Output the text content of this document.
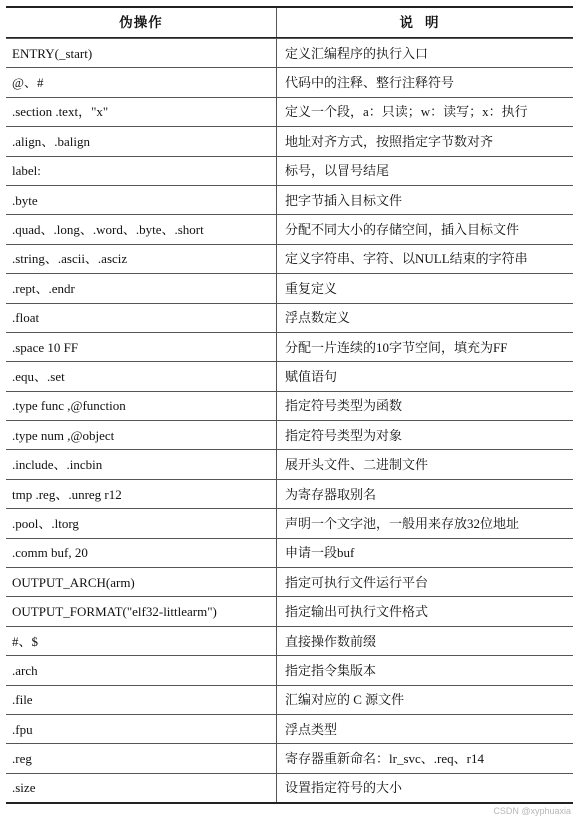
伪操作	说明
ENTRY(_start)	定义汇编程序的执行入口
@、#	代码中的注释、整行注释符号
.section .text，"x"	定义一个段，a：只读；w：读写；x：执行
.align、.balign	地址对齐方式，按照指定字节数对齐
label:	标号，以冒号结尾
.byte	把字节插入目标文件
.quad、.long、.word、.byte、.short	分配不同大小的存储空间，插入目标文件
.string、.ascii、.asciz	定义字符串、字符、以NULL结束的字符串
.rept、.endr	重复定义
.float	浮点数定义
.space 10 FF	分配一片连续的10字节空间，填充为FF
.equ、.set	赋值语句
.type func ,@function	指定符号类型为函数
.type num ,@object	指定符号类型为对象
.include、.incbin	展开头文件、二进制文件
tmp .reg、.unreg r12	为寄存器取别名
.pool、.ltorg	声明一个文字池，一般用来存放32位地址
.comm buf, 20	申请一段buf
OUTPUT_ARCH(arm)	指定可执行文件运行平台
OUTPUT_FORMAT("elf32-littlearm")	指定输出可执行文件格式
#、$	直接操作数前缀
.arch	指定指令集版本
.file	汇编对应的 C 源文件
.fpu	浮点类型
.reg	寄存器重新命名：lr_svc、.req、r14
.size	设置指定符号的大小
CSDN @xyphuaxia
